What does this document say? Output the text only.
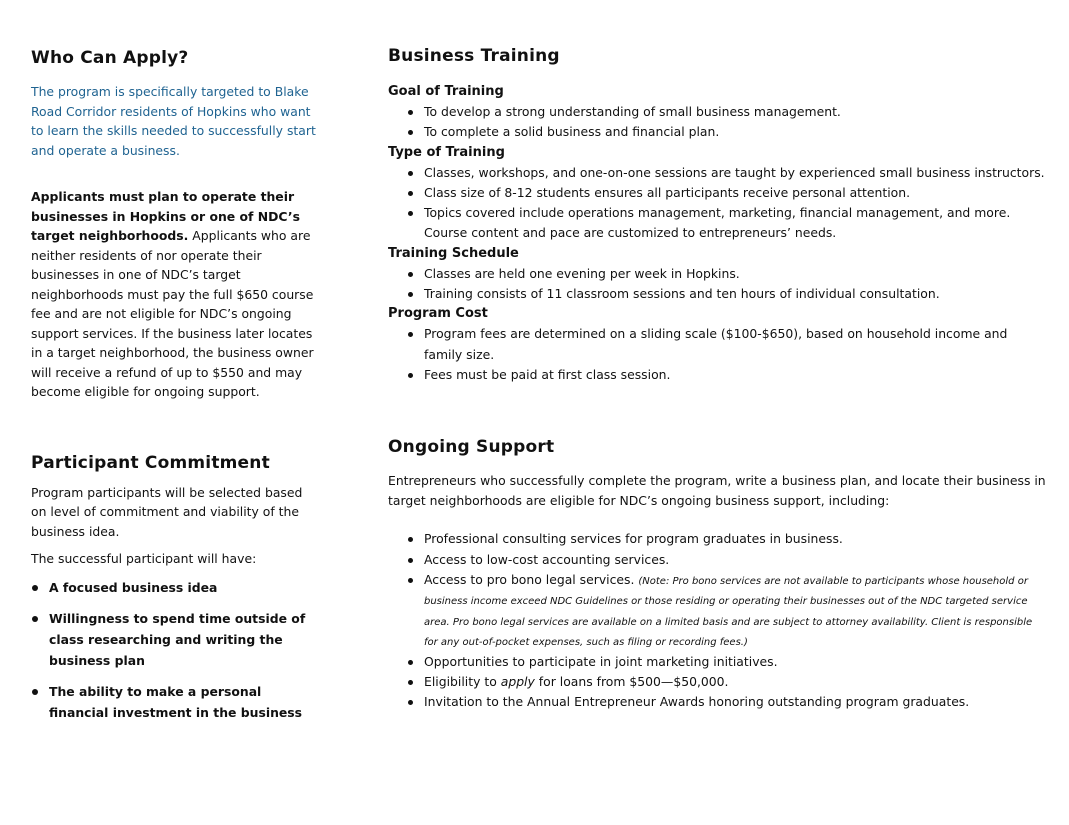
Who Can Apply?

The program is specifically targeted to Blake Road Corridor residents of Hopkins who want to learn the skills needed to successfully start and operate a business.

Applicants must plan to operate their businesses in Hopkins or one of NDC’s target neighborhoods. Applicants who are neither residents of nor operate their businesses in one of NDC’s target neighborhoods must pay the full $650 course fee and are not eligible for NDC’s ongoing support services. If the business later locates in a target neighborhood, the business owner will receive a refund of up to $550 and may become eligible for ongoing support.

Participant Commitment

Program participants will be selected based on level of commitment and viability of the business idea.

The successful participant will have:

A focused business idea
Willingness to spend time outside of class researching and writing the business plan
The ability to make a personal financial investment in the business
Business Training
Goal of Training
To develop a strong understanding of small business management.
To complete a solid business and financial plan.
Type of Training
Classes, workshops, and one-on-one sessions are taught by experienced small business instructors.
Class size of 8-12 students ensures all participants receive personal attention.
Topics covered include operations management, marketing, financial management, and more. Course content and pace are customized to entrepreneurs’ needs.
Training Schedule
Classes are held one evening per week in Hopkins.
Training consists of 11 classroom sessions and ten hours of individual consultation.
Program Cost
Program fees are determined on a sliding scale ($100-$650), based on household income and family size.
Fees must be paid at first class session.
Ongoing Support

Entrepreneurs who successfully complete the program, write a business plan, and locate their business in target neighborhoods are eligible for NDC’s ongoing business support, including:

Professional consulting services for program graduates in business.
Access to low-cost accounting services.
Access to pro bono legal services. (Note: Pro bono services are not available to participants whose household or business income exceed NDC Guidelines or those residing or operating their businesses out of the NDC targeted service area. Pro bono legal services are available on a limited basis and are subject to attorney availability. Client is responsible for any out-of-pocket expenses, such as filing or recording fees.)
Opportunities to participate in joint marketing initiatives.
Eligibility to apply for loans from $500—$50,000.
Invitation to the Annual Entrepreneur Awards honoring outstanding program graduates.
